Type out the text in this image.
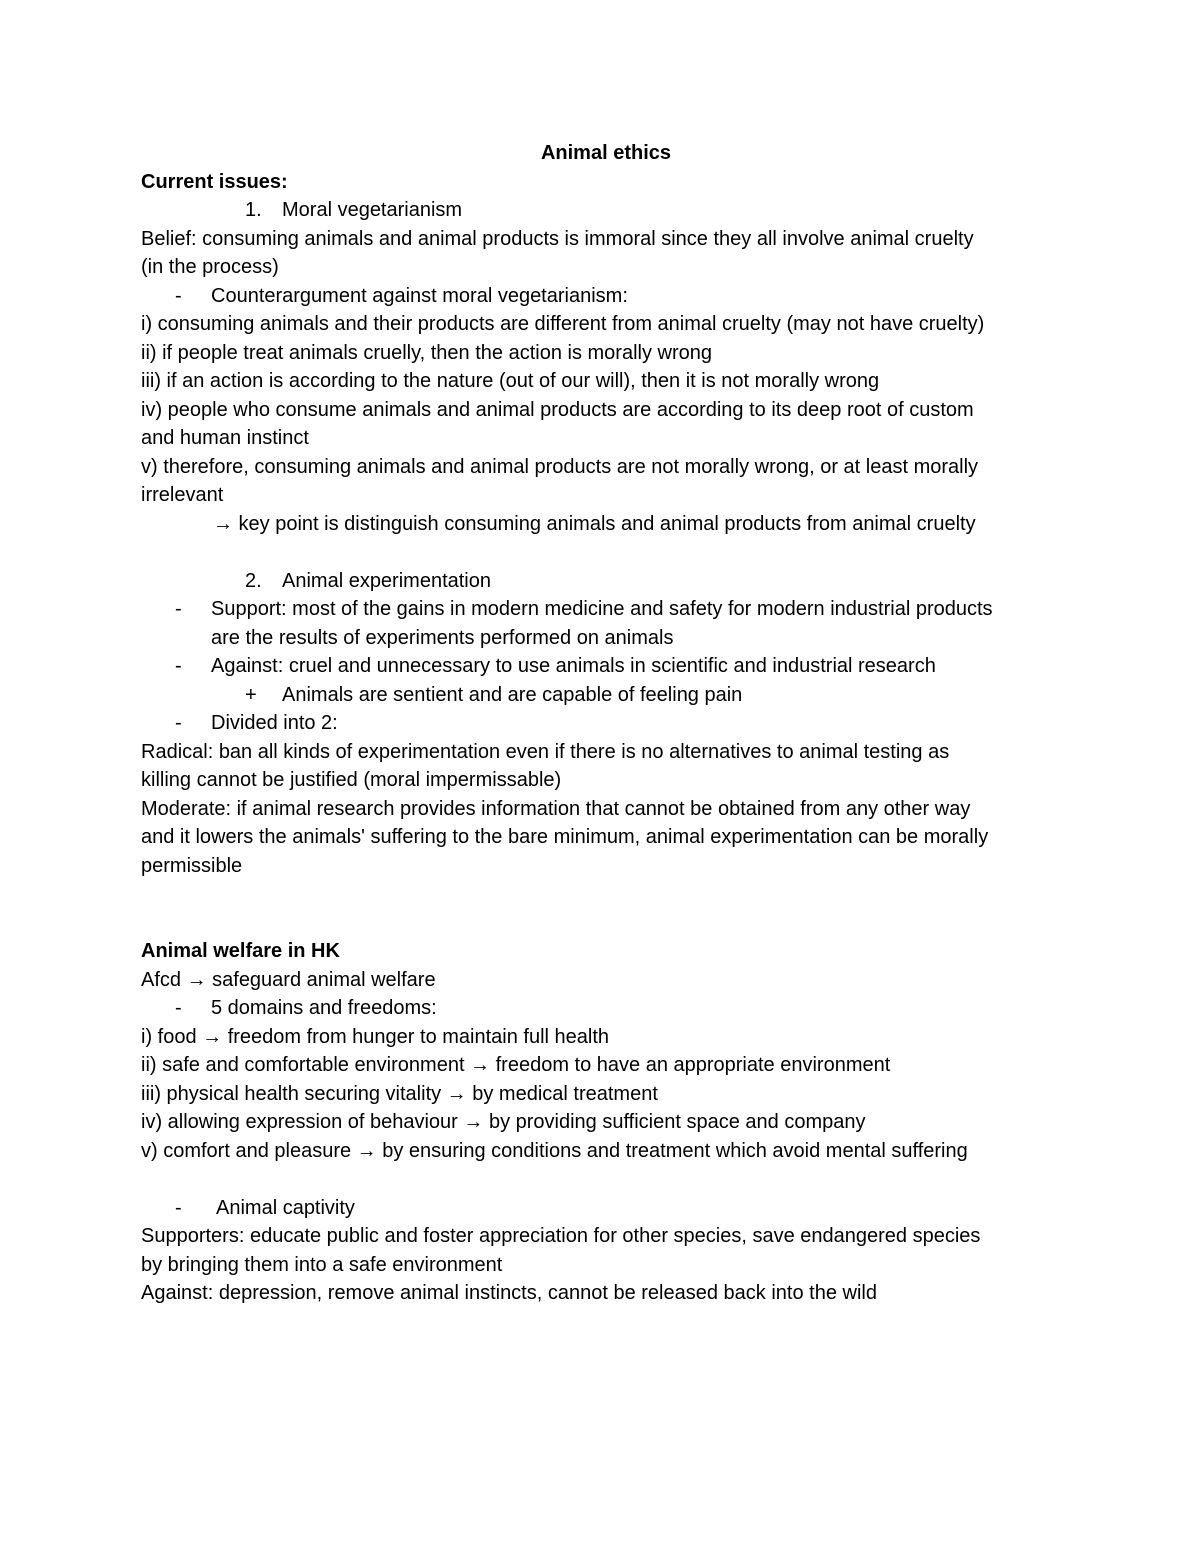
Animal ethics
Current issues:
1.	Moral vegetarianism
Belief: consuming animals and animal products is immoral since they all involve animal cruelty
(in the process)
-	Counterargument against moral vegetarianism:
i) consuming animals and their products are different from animal cruelty (may not have cruelty)
ii) if people treat animals cruelly, then the action is morally wrong
iii) if an action is according to the nature (out of our will), then it is not morally wrong
iv) people who consume animals and animal products are according to its deep root of custom
and human instinct
v) therefore, consuming animals and animal products are not morally wrong, or at least morally
irrelevant
→ key point is distinguish consuming animals and animal products from animal cruelty
2.	Animal experimentation
-	Support: most of the gains in modern medicine and safety for modern industrial products
are the results of experiments performed on animals
-	Against: cruel and unnecessary to use animals in scientific and industrial research
+	Animals are sentient and are capable of feeling pain
-	Divided into 2:
Radical: ban all kinds of experimentation even if there is no alternatives to animal testing as
killing cannot be justified (moral impermissable)
Moderate: if animal research provides information that cannot be obtained from any other way
and it lowers the animals' suffering to the bare minimum, animal experimentation can be morally
permissible
Animal welfare in HK
Afcd → safeguard animal welfare
-	5 domains and freedoms:
i) food → freedom from hunger to maintain full health
ii) safe and comfortable environment → freedom to have an appropriate environment
iii) physical health securing vitality → by medical treatment
iv) allowing expression of behaviour → by providing sufficient space and company
v) comfort and pleasure → by ensuring conditions and treatment which avoid mental suffering
-	Animal captivity
Supporters: educate public and foster appreciation for other species, save endangered species
by bringing them into a safe environment
Against: depression, remove animal instincts, cannot be released back into the wild
